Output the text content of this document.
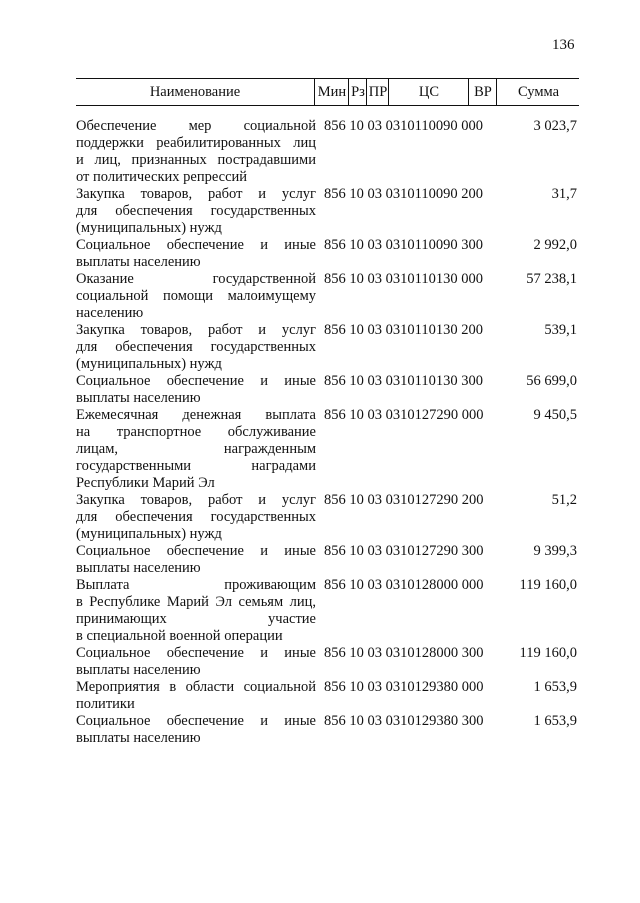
136
Наименование	Мин Рз ПР	ЦС	ВР	Сумма
Обеспечение мер социальной
поддержки реабилитированных лиц
и лиц, признанных пострадавшими
от политических репрессий
856 10 03 0310110090 000	3 023,7
Закупка товаров, работ и услуг
для обеспечения государственных
(муниципальных) нужд
856 10 03 0310110090 200	31,7
Социальное обеспечение и иные
выплаты населению
856 10 03 0310110090 300	2 992,0
Оказание государственной
социальной помощи малоимущему
населению
856 10 03 0310110130 000	57 238,1
Закупка товаров, работ и услуг
для обеспечения государственных
(муниципальных) нужд
856 10 03 0310110130 200	539,1
Социальное обеспечение и иные
выплаты населению
856 10 03 0310110130 300	56 699,0
Ежемесячная денежная выплата
на транспортное обслуживание
лицам, награжденным
государственными наградами
Республики Марий Эл
856 10 03 0310127290 000	9 450,5
Закупка товаров, работ и услуг
для обеспечения государственных
(муниципальных) нужд
856 10 03 0310127290 200	51,2
Социальное обеспечение и иные
выплаты населению
856 10 03 0310127290 300	9 399,3
Выплата проживающим
в Республике Марий Эл семьям лиц,
принимающих участие
в специальной военной операции
856 10 03 0310128000 000	119 160,0
Социальное обеспечение и иные
выплаты населению
856 10 03 0310128000 300	119 160,0
Мероприятия в области социальной
политики
856 10 03 0310129380 000	1 653,9
Социальное обеспечение и иные
выплаты населению
856 10 03 0310129380 300	1 653,9
